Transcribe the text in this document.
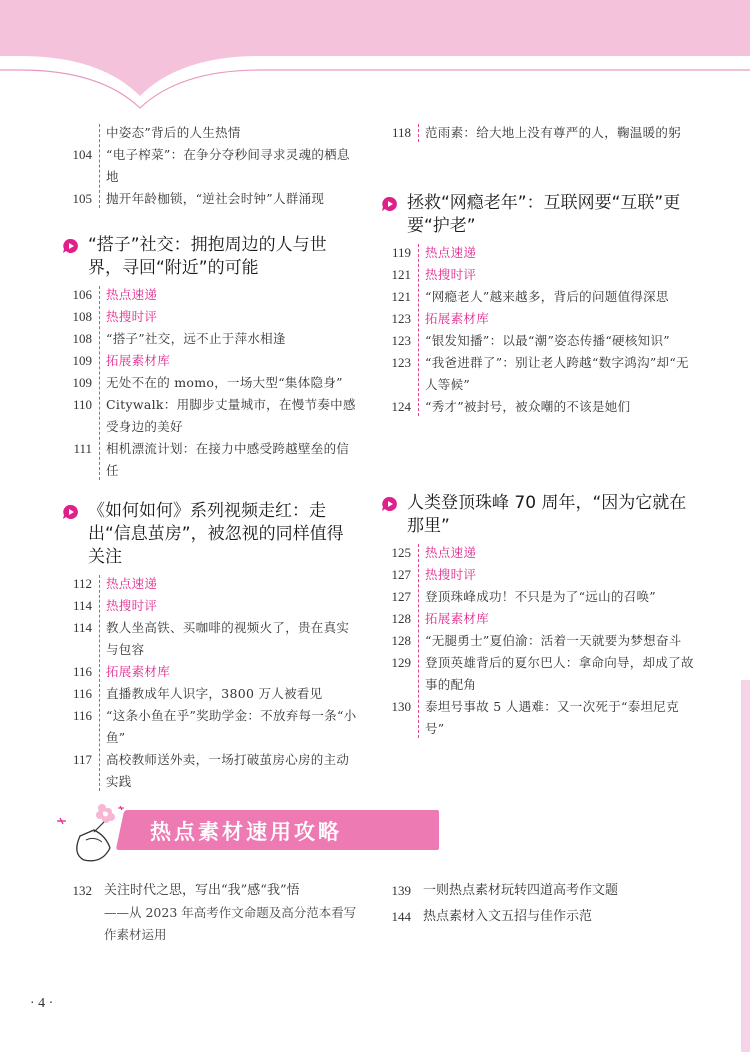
中姿态”背后的人生热情
104	“电子榨菜”：在争分夺秒间寻求灵魂的栖息地
105	抛开年龄枷锁，“逆社会时钟”人群涌现
“搭子”社交：拥抱周边的人与世界，寻回“附近”的可能
106	热点速递
108	热搜时评
108	“搭子”社交，远不止于萍水相逢
109	拓展素材库
109	无处不在的 momo，一场大型“集体隐身”
110	Citywalk：用脚步丈量城市，在慢节奏中感受身边的美好
111	相机漂流计划：在接力中感受跨越壁垒的信任
《如何如何》系列视频走红：走出“信息茧房”，被忽视的同样值得关注
112	热点速递
114	热搜时评
114	教人坐高铁、买咖啡的视频火了，贵在真实与包容
116	拓展素材库
116	直播教成年人识字，3800 万人被看见
116	“这条小鱼在乎”奖助学金：不放弃每一条“小鱼”
117	高校教师送外卖，一场打破茧房心房的主动实践
118	范雨素：给大地上没有尊严的人，鞠温暖的躬
拯救“网瘾老年”：互联网要“互联”更要“护老”
119	热点速递
121	热搜时评
121	“网瘾老人”越来越多，背后的问题值得深思
123	拓展素材库
123	“银发知播”：以最“潮”姿态传播“硬核知识”
123	“我爸进群了”：别让老人跨越“数字鸿沟”却“无人等候”
124	“秀才”被封号，被众嘲的不该是她们
人类登顶珠峰 70 周年，“因为它就在那里”
125	热点速递
127	热搜时评
127	登顶珠峰成功！不只是为了“远山的召唤”
128	拓展素材库
128	“无腿勇士”夏伯渝：活着一天就要为梦想奋斗
129	登顶英雄背后的夏尔巴人：拿命向导，却成了故事的配角
130	泰坦号事故 5 人遇难：又一次死于“泰坦尼克号”
热点素材速用攻略
132 关注时代之思，写出“我”感“我”悟
——从 2023 年高考作文命题及高分范本看写作素材运用
139 一则热点素材玩转四道高考作文题
144 热点素材入文五招与佳作示范
· 4 ·
